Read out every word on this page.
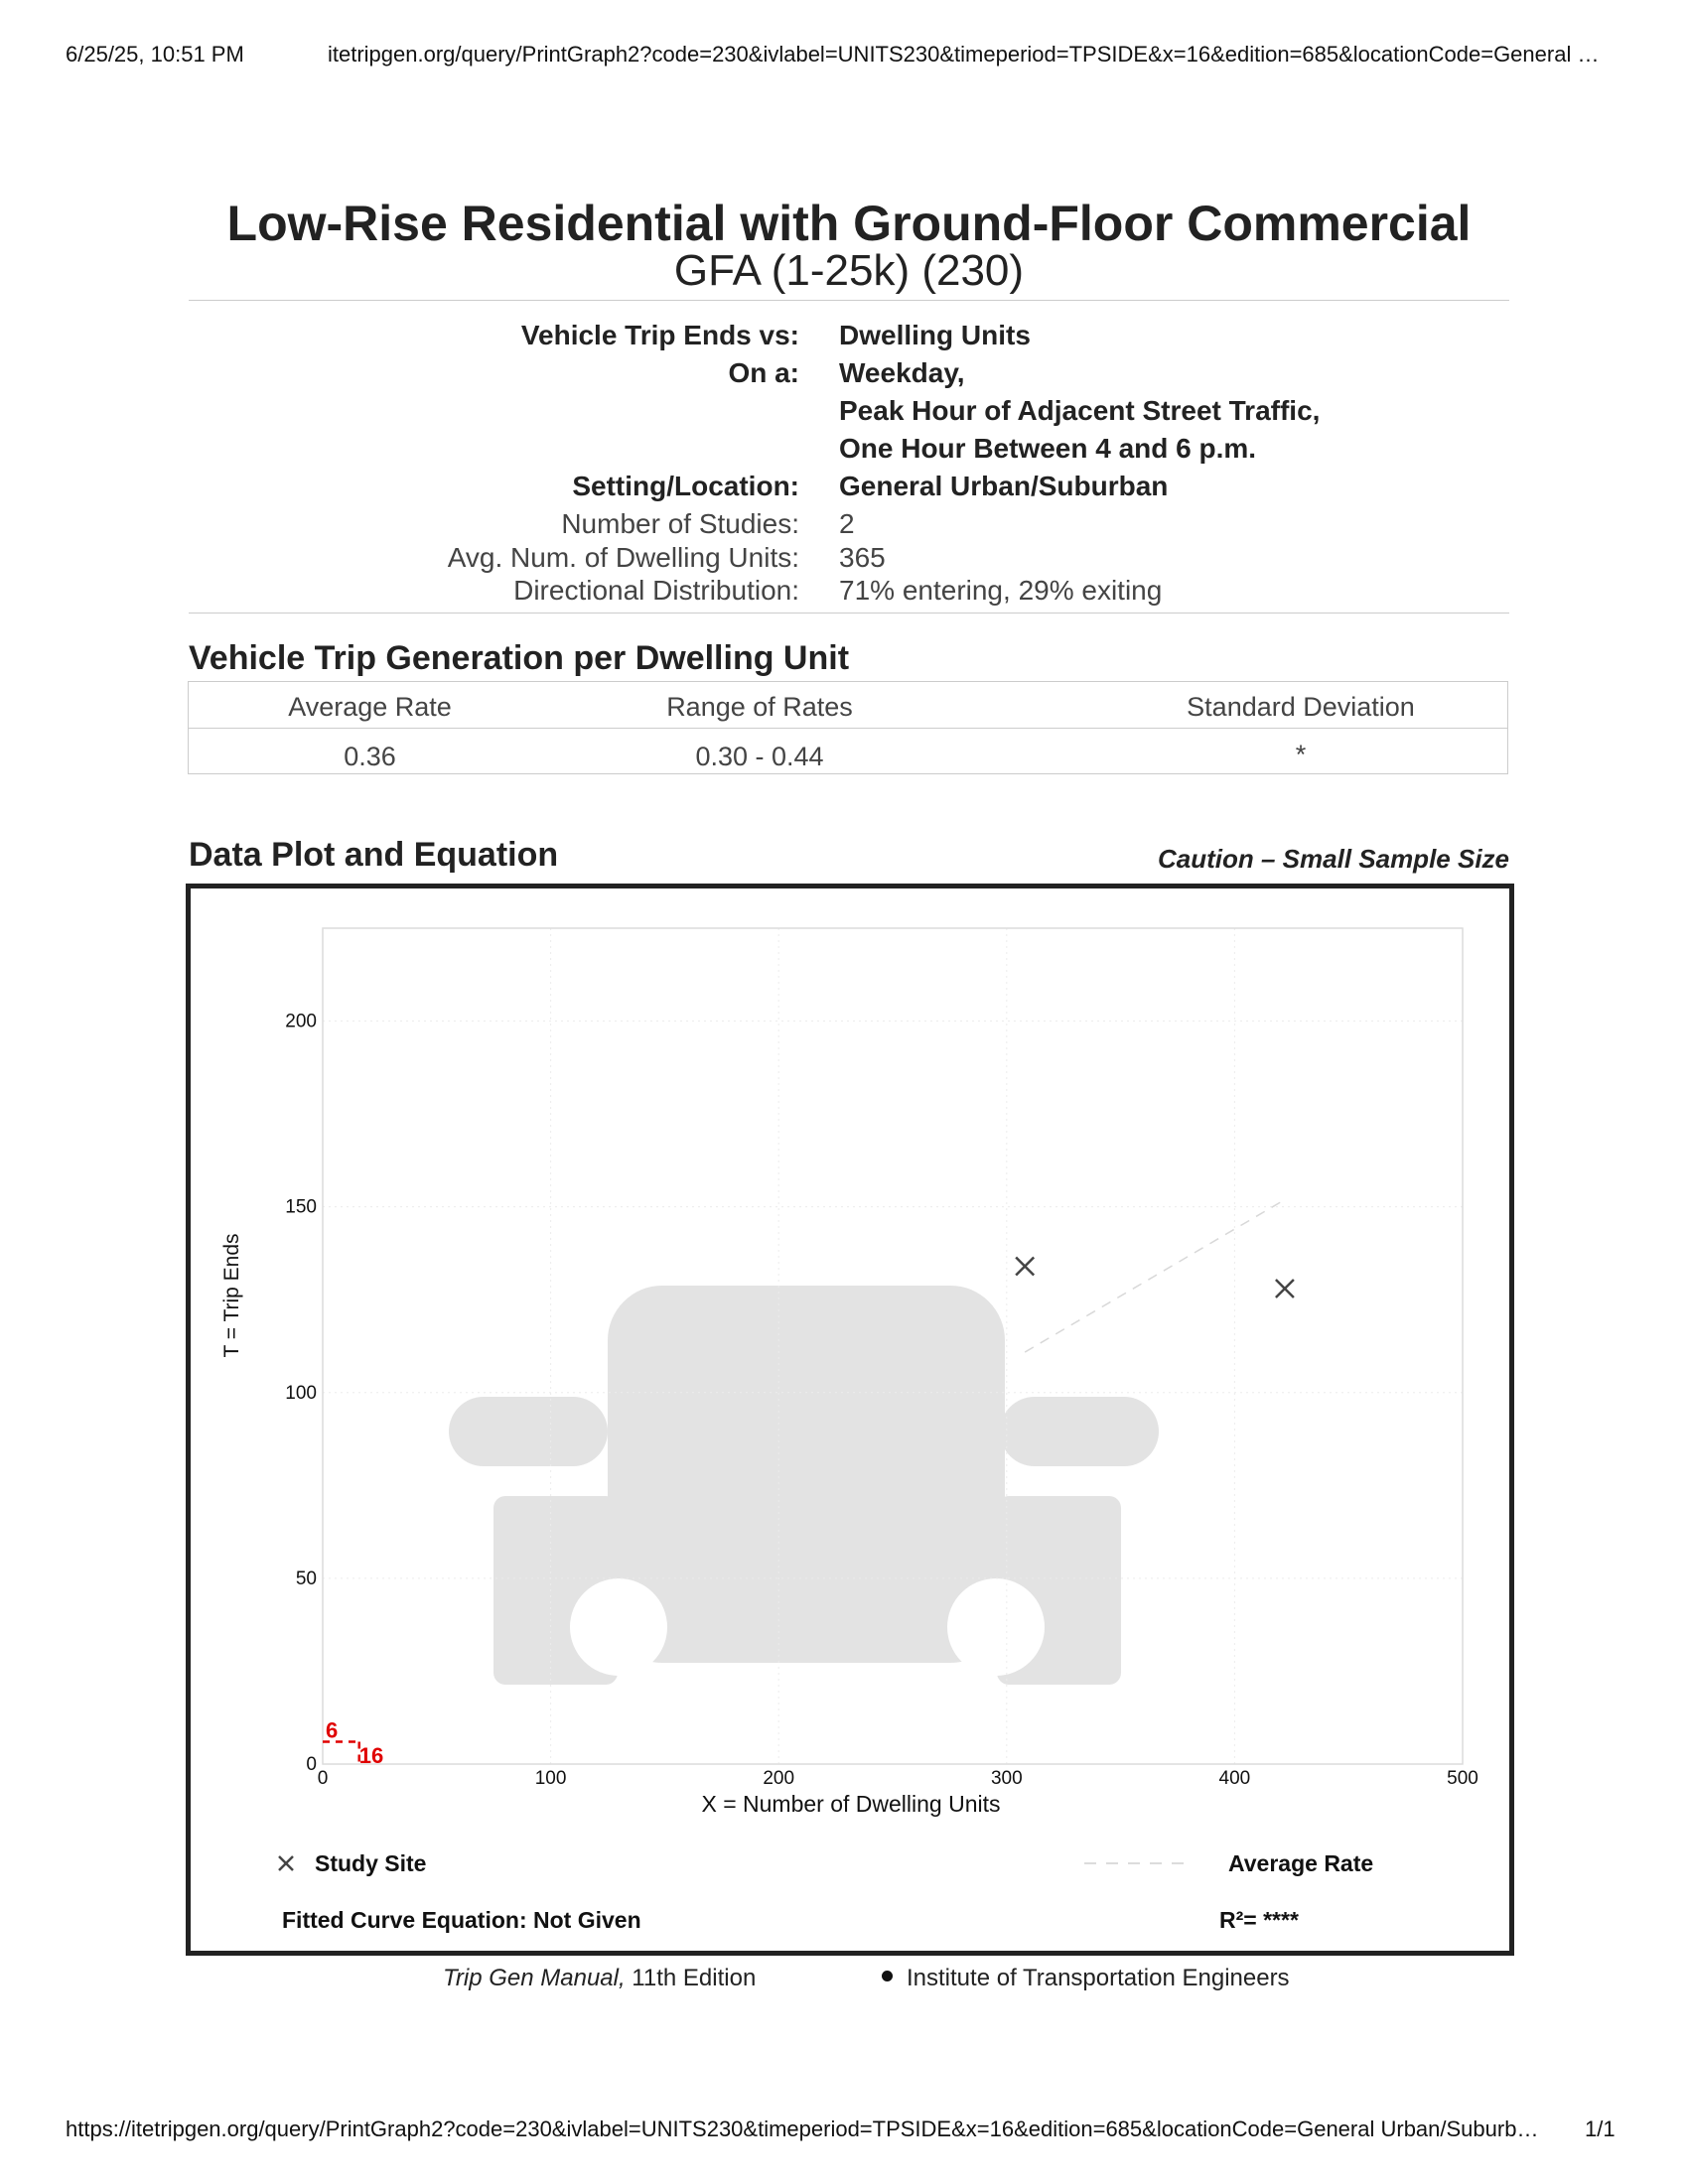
6/25/25, 10:51 PM	itetripgen.org/query/PrintGraph2?code=230&ivlabel=UNITS230&timeperiod=TPSIDE&x=16&edition=685&locationCode=General …
Low-Rise Residential with Ground-Floor Commercial
GFA (1-25k) (230)
Vehicle Trip Ends vs: Dwelling Units
On a: Weekday,
Peak Hour of Adjacent Street Traffic,
One Hour Between 4 and 6 p.m.
Setting/Location: General Urban/Suburban
Number of Studies: 2
Avg. Num. of Dwelling Units: 365
Directional Distribution: 71% entering, 29% exiting
Vehicle Trip Generation per Dwelling Unit
Average Rate	Range of Rates	Standard Deviation
0.36	0.30 - 0.44	*
Data Plot and Equation	Caution – Small Sample Size
6
16
0	100	200	300	400	500
0
50
100
150
200
X = Number of Dwelling Units
T = Trip Ends
Study Site	Average Rate
Fitted Curve Equation: Not Given	R²= ****
Trip Gen Manual, 11th Edition	Institute of Transportation Engineers
https://itetripgen.org/query/PrintGraph2?code=230&ivlabel=UNITS230&timeperiod=TPSIDE&x=16&edition=685&locationCode=General Urban/Suburb…	1/1
